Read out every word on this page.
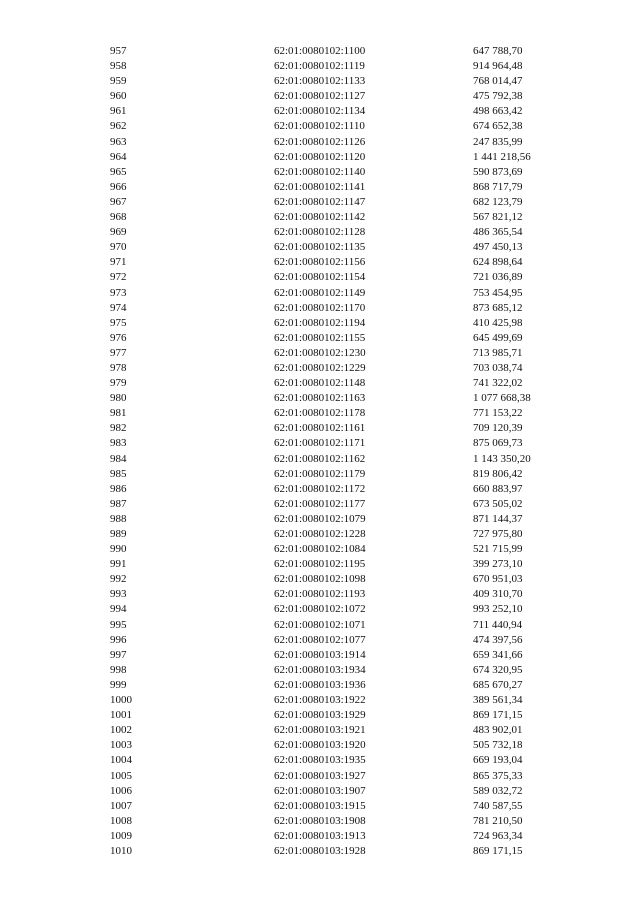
957	62:01:0080102:1100	647 788,70
958	62:01:0080102:1119	914 964,48
959	62:01:0080102:1133	768 014,47
960	62:01:0080102:1127	475 792,38
961	62:01:0080102:1134	498 663,42
962	62:01:0080102:1110	674 652,38
963	62:01:0080102:1126	247 835,99
964	62:01:0080102:1120	1 441 218,56
965	62:01:0080102:1140	590 873,69
966	62:01:0080102:1141	868 717,79
967	62:01:0080102:1147	682 123,79
968	62:01:0080102:1142	567 821,12
969	62:01:0080102:1128	486 365,54
970	62:01:0080102:1135	497 450,13
971	62:01:0080102:1156	624 898,64
972	62:01:0080102:1154	721 036,89
973	62:01:0080102:1149	753 454,95
974	62:01:0080102:1170	873 685,12
975	62:01:0080102:1194	410 425,98
976	62:01:0080102:1155	645 499,69
977	62:01:0080102:1230	713 985,71
978	62:01:0080102:1229	703 038,74
979	62:01:0080102:1148	741 322,02
980	62:01:0080102:1163	1 077 668,38
981	62:01:0080102:1178	771 153,22
982	62:01:0080102:1161	709 120,39
983	62:01:0080102:1171	875 069,73
984	62:01:0080102:1162	1 143 350,20
985	62:01:0080102:1179	819 806,42
986	62:01:0080102:1172	660 883,97
987	62:01:0080102:1177	673 505,02
988	62:01:0080102:1079	871 144,37
989	62:01:0080102:1228	727 975,80
990	62:01:0080102:1084	521 715,99
991	62:01:0080102:1195	399 273,10
992	62:01:0080102:1098	670 951,03
993	62:01:0080102:1193	409 310,70
994	62:01:0080102:1072	993 252,10
995	62:01:0080102:1071	711 440,94
996	62:01:0080102:1077	474 397,56
997	62:01:0080103:1914	659 341,66
998	62:01:0080103:1934	674 320,95
999	62:01:0080103:1936	685 670,27
1000	62:01:0080103:1922	389 561,34
1001	62:01:0080103:1929	869 171,15
1002	62:01:0080103:1921	483 902,01
1003	62:01:0080103:1920	505 732,18
1004	62:01:0080103:1935	669 193,04
1005	62:01:0080103:1927	865 375,33
1006	62:01:0080103:1907	589 032,72
1007	62:01:0080103:1915	740 587,55
1008	62:01:0080103:1908	781 210,50
1009	62:01:0080103:1913	724 963,34
1010	62:01:0080103:1928	869 171,15
